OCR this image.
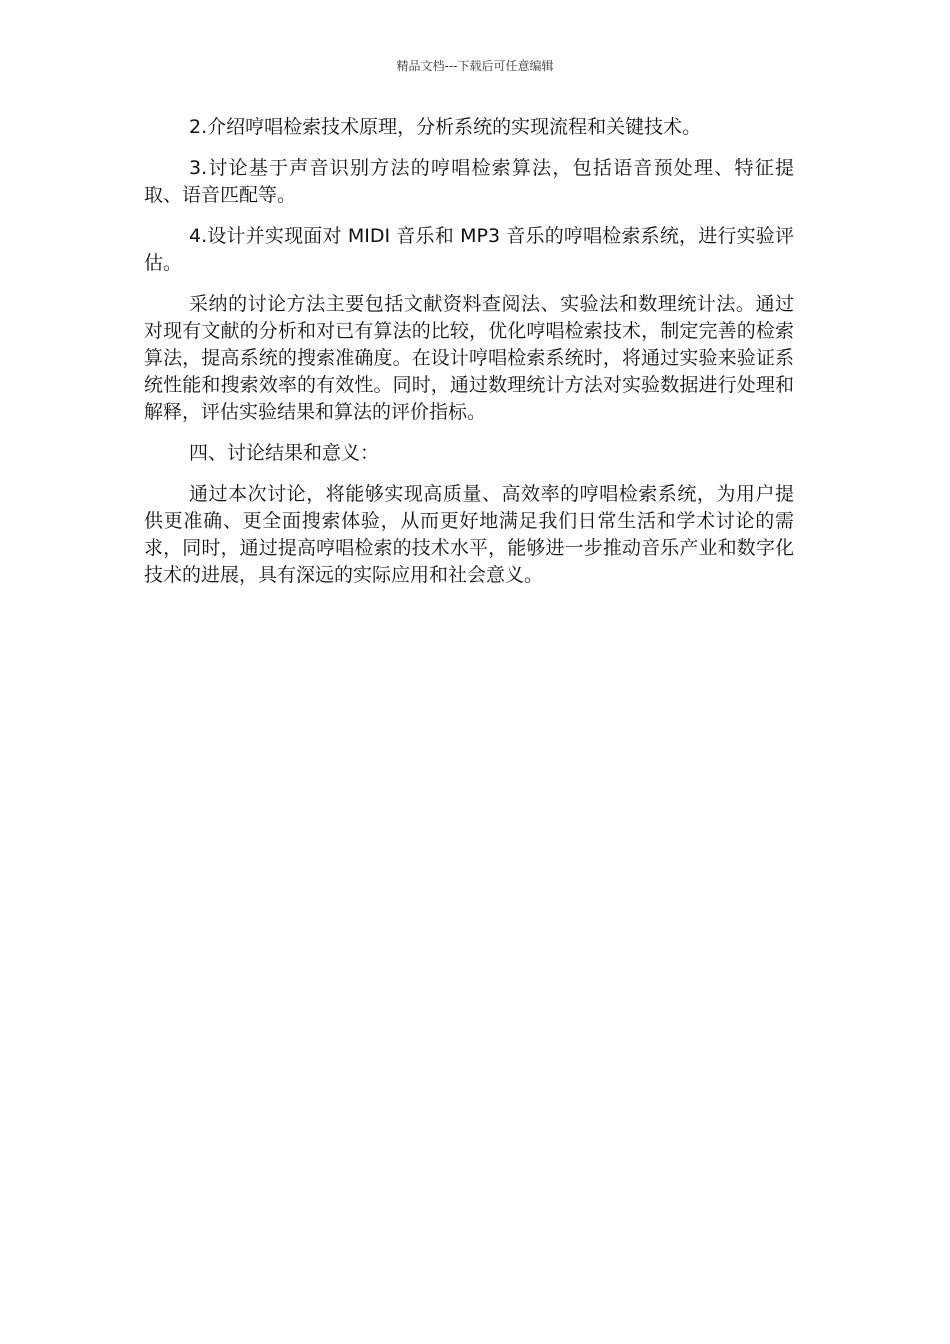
精品文档---下载后可任意编辑

2.介绍哼唱检索技术原理，分析系统的实现流程和关键技术。

3.讨论基于声音识别方法的哼唱检索算法，包括语音预处理、特征提取、语音匹配等。

4.设计并实现面对 MIDI 音乐和 MP3 音乐的哼唱检索系统，进行实验评估。

采纳的讨论方法主要包括文献资料查阅法、实验法和数理统计法。通过对现有文献的分析和对已有算法的比较，优化哼唱检索技术，制定完善的检索算法，提高系统的搜索准确度。在设计哼唱检索系统时，将通过实验来验证系统性能和搜索效率的有效性。同时，通过数理统计方法对实验数据进行处理和解释，评估实验结果和算法的评价指标。

四、讨论结果和意义：

通过本次讨论，将能够实现高质量、高效率的哼唱检索系统，为用户提供更准确、更全面搜索体验，从而更好地满足我们日常生活和学术讨论的需求，同时，通过提高哼唱检索的技术水平，能够进一步推动音乐产业和数字化技术的进展，具有深远的实际应用和社会意义。
